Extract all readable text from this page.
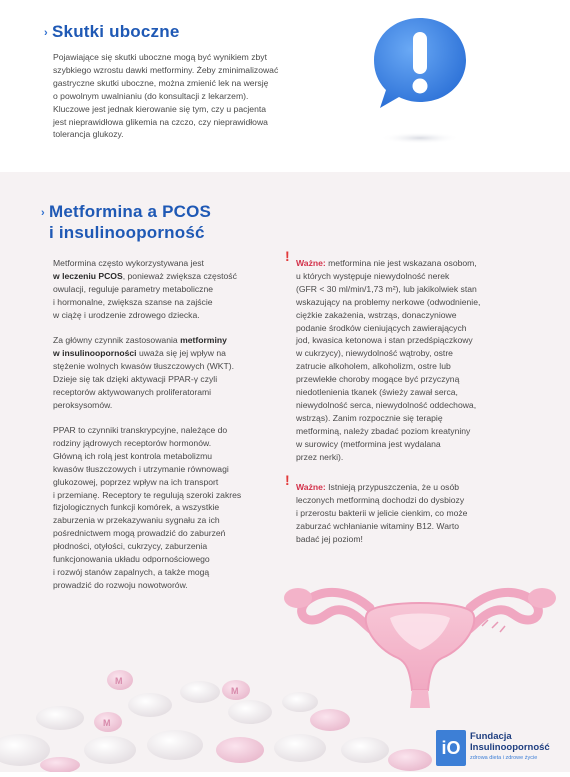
› Skutki uboczne
Pojawiające się skutki uboczne mogą być wynikiem zbyt
szybkiego wzrostu dawki metforminy. Żeby zminimalizować
gastryczne skutki uboczne, można zmienić lek na wersję
o powolnym uwalnianiu (do konsultacji z lekarzem).
Kluczowe jest jednak kierowanie się tym, czy u pacjenta
jest nieprawidłowa glikemia na czczo, czy nieprawidłowa
tolerancja glukozy.
› Metformina a PCOS
i insulinooporność
Metformina często wykorzystywana jest
w leczeniu PCOS, ponieważ zwiększa częstość
owulacji, reguluje parametry metaboliczne
i hormonalne, zwiększa szanse na zajście
w ciążę i urodzenie zdrowego dziecka.
Za główny czynnik zastosowania metforminy
w insulinooporności uważa się jej wpływ na
stężenie wolnych kwasów tłuszczowych (WKT).
Dzieje się tak dzięki aktywacji PPAR-γ czyli
receptorów aktywowanych proliferatorami
peroksysomów.
PPAR to czynniki transkrypcyjne, należące do
rodziny jądrowych receptorów hormonów.
Główną ich rolą jest kontrola metabolizmu
kwasów tłuszczowych i utrzymanie równowagi
glukozowej, poprzez wpływ na ich transport
i przemianę. Receptory te regulują szeroki zakres
fizjologicznych funkcji komórek, a wszystkie
zaburzenia w przekazywaniu sygnału za ich
pośrednictwem mogą prowadzić do zaburzeń
płodności, otyłości, cukrzycy, zaburzenia
funkcjonowania układu odpornościowego
i rozwój stanów zapalnych, a także mogą
prowadzić do rozwoju nowotworów.
! Ważne: metformina nie jest wskazana osobom,
u których występuje niewydolność nerek
(GFR < 30 ml/min/1,73 m²), lub jakikolwiek stan
wskazujący na problemy nerkowe (odwodnienie,
ciężkie zakażenia, wstrząs, donaczyniowe
podanie środków cieniujących zawierających
jod, kwasica ketonowa i stan przedśpiączkowy
w cukrzycy), niewydolność wątroby, ostre
zatrucie alkoholem, alkoholizm, ostre lub
przewlekłe choroby mogące być przyczyną
niedotlenienia tkanek (świeży zawał serca,
niewydolność serca, niewydolność oddechowa,
wstrząs). Zanim rozpocznie się terapię
metforminą, należy zbadać poziom kreatyniny
w surowicy (metformina jest wydalana
przez nerki).
! Ważne: Istnieją przypuszczenia, że u osób
leczonych metforminą dochodzi do dysbiozy
i przerostu bakterii w jelicie cienkim, co może
zaburzać wchłanianie witaminy B12. Warto
badać jej poziom!
M
M
M
iO
Fundacja
Insulinooporność
zdrowa dieta i zdrowe życie
